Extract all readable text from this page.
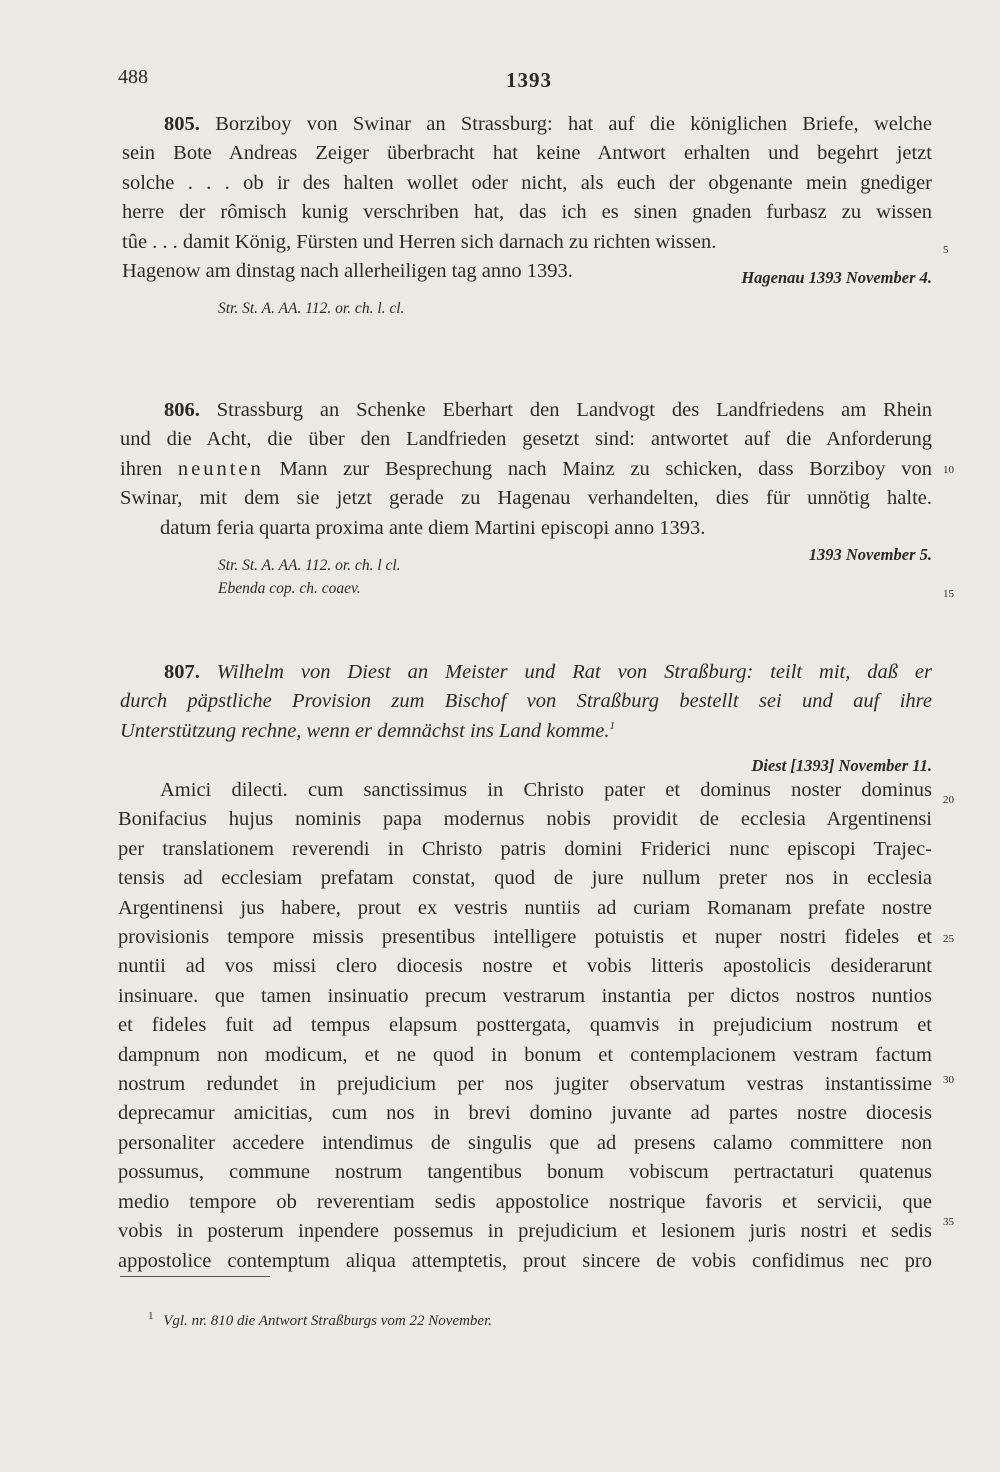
488	1393
805. Borziboy von Swinar an Strassburg: hat auf die königlichen Briefe, welche
sein Bote Andreas Zeiger überbracht hat keine Antwort erhalten und begehrt jetzt
solche . . . ob ir des halten wollet oder nicht, als euch der obgenante mein gnediger
herre der rômisch kunig verschriben hat, das ich es sinen gnaden furbasz zu wissen
tûe . . . damit König, Fürsten und Herren sich darnach zu richten wissen.
Hagenow am dinstag nach allerheiligen tag anno 1393.	Hagenau 1393 November 4.
Str. St. A. AA. 112. or. ch. l. cl.
806. Strassburg an Schenke Eberhart den Landvogt des Landfriedens am Rhein
und die Acht, die über den Landfrieden gesetzt sind: antwortet auf die Anforderung
ihren neunten Mann zur Besprechung nach Mainz zu schicken, dass Borziboy von
Swinar, mit dem sie jetzt gerade zu Hagenau verhandelten, dies für unnötig halte.
datum feria quarta proxima ante diem Martini episcopi anno 1393.
1393 November 5.
Str. St. A. AA. 112. or. ch. l cl.
Ebenda cop. ch. coaev.
807. Wilhelm von Diest an Meister und Rat von Straßburg: teilt mit, daß er
durch päpstliche Provision zum Bischof von Straßburg bestellt sei und auf ihre
Unterstützung rechne, wenn er demnächst ins Land komme.$^1$
Diest [1393] November 11.
Amici dilecti. cum sanctissimus in Christo pater et dominus noster dominus
Bonifacius hujus nominis papa modernus nobis providit de ecclesia Argentinensi
per translationem reverendi in Christo patris domini Friderici nunc episcopi Trajec-
tensis ad ecclesiam prefatam constat, quod de jure nullum preter nos in ecclesia
Argentinensi jus habere, prout ex vestris nuntiis ad curiam Romanam prefate nostre
provisionis tempore missis presentibus intelligere potuistis et nuper nostri fideles et
nuntii ad vos missi clero diocesis nostre et vobis litteris apostolicis desiderarunt
insinuare. que tamen insinuatio precum vestrarum instantia per dictos nostros nuntios
et fideles fuit ad tempus elapsum posttergata, quamvis in prejudicium nostrum et
dampnum non modicum, et ne quod in bonum et contemplacionem vestram factum
nostrum redundet in prejudicium per nos jugiter observatum vestras instantissime
deprecamur amicitias, cum nos in brevi domino juvante ad partes nostre diocesis
personaliter accedere intendimus de singulis que ad presens calamo committere non
possumus, commune nostrum tangentibus bonum vobiscum pertractaturi quatenus
medio tempore ob reverentiam sedis appostolice nostrique favoris et servicii, que
vobis in posterum inpendere possemus in prejudicium et lesionem juris nostri et sedis
appostolice contemptum aliqua attemptetis, prout sincere de vobis confidimus nec pro
5
10
15
20
25
30
35
$^1$ Vgl. nr. 810 die Antwort Straßburgs vom 22 November.
